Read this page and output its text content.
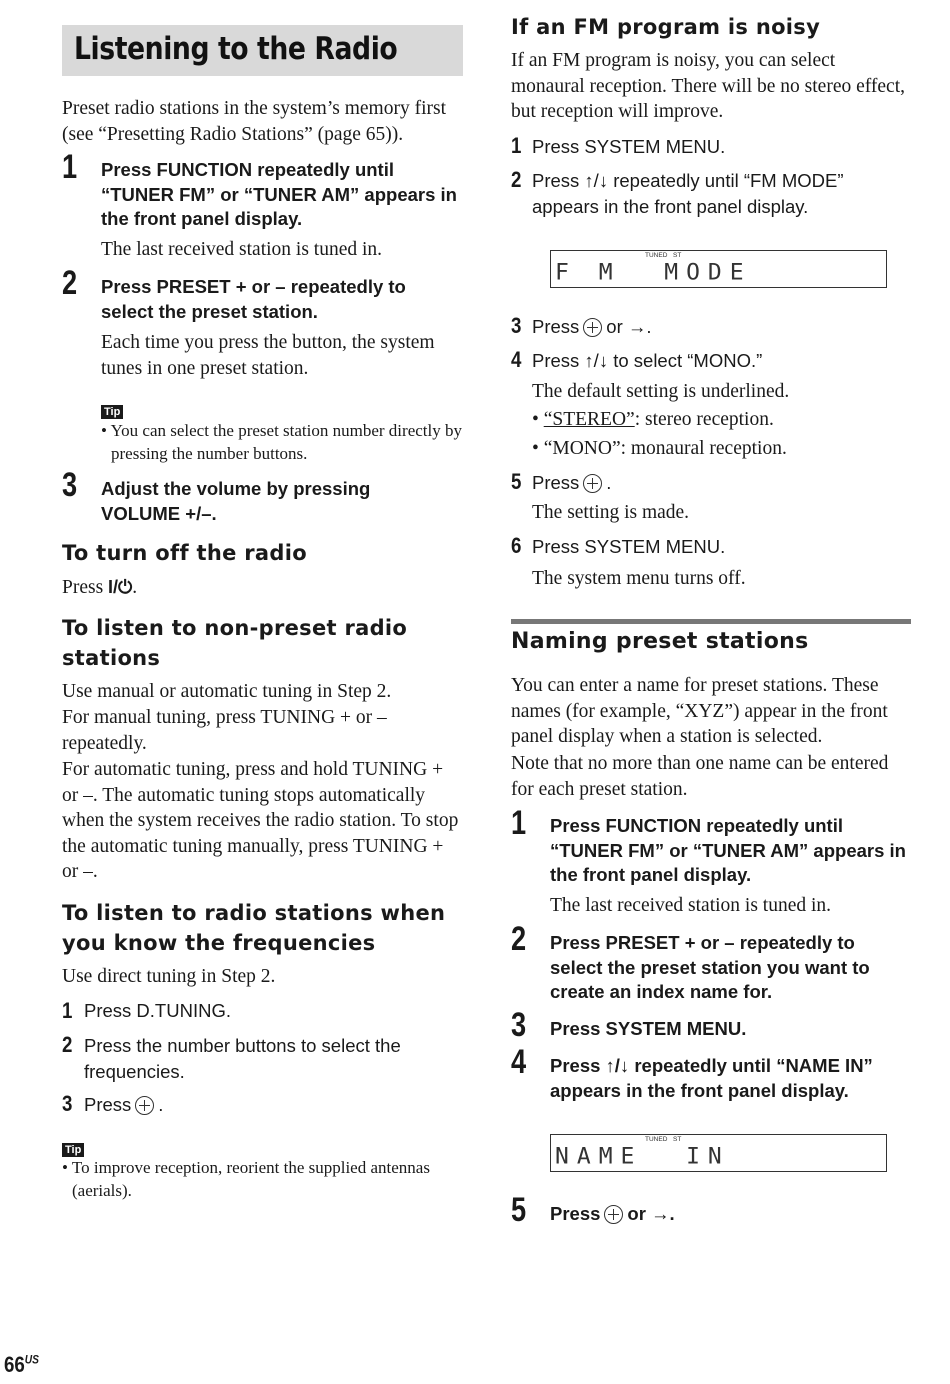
Listening to the Radio
Preset radio stations in the system’s memory first (see “Presetting Radio Stations” (page 65)).
1 Press FUNCTION repeatedly until “TUNER FM” or “TUNER AM” appears in the front panel display.
The last received station is tuned in.
2 Press PRESET + or – repeatedly to select the preset station.
Each time you press the button, the system tunes in one preset station.
Tip
• You can select the preset station number directly by pressing the number buttons.
3 Adjust the volume by pressing VOLUME +/–.
To turn off the radio
Press I/⏻.
To listen to non-preset radio stations
Use manual or automatic tuning in Step 2.
For manual tuning, press TUNING + or – repeatedly.
For automatic tuning, press and hold TUNING + or –. The automatic tuning stops automatically when the system receives the radio station. To stop the automatic tuning manually, press TUNING + or –.
To listen to radio stations when you know the frequencies
Use direct tuning in Step 2.
1 Press D.TUNING.
2 Press the number buttons to select the frequencies.
3 Press .
Tip
• To improve reception, reorient the supplied antennas (aerials).
If an FM program is noisy
If an FM program is noisy, you can select monaural reception. There will be no stereo effect, but reception will improve.
1 Press SYSTEM MENU.
2 Press ↑/↓ repeatedly until “FM MODE” appears in the front panel display.
TUNED ST
F M  MODE
3 Press or →.
4 Press ↑/↓ to select “MONO.”
The default setting is underlined.
• “STEREO”: stereo reception.
• “MONO”: monaural reception.
5 Press .
The setting is made.
6 Press SYSTEM MENU.
The system menu turns off.
Naming preset stations
You can enter a name for preset stations. These names (for example, “XYZ”) appear in the front panel display when a station is selected.
Note that no more than one name can be entered for each preset station.
1 Press FUNCTION repeatedly until “TUNER FM” or “TUNER AM” appears in the front panel display.
The last received station is tuned in.
2 Press PRESET + or – repeatedly to select the preset station you want to create an index name for.
3 Press SYSTEM MENU.
4 Press ↑/↓ repeatedly until “NAME IN” appears in the front panel display.
TUNED ST
NAME  IN
5 Press or →.
$66^{US}$
